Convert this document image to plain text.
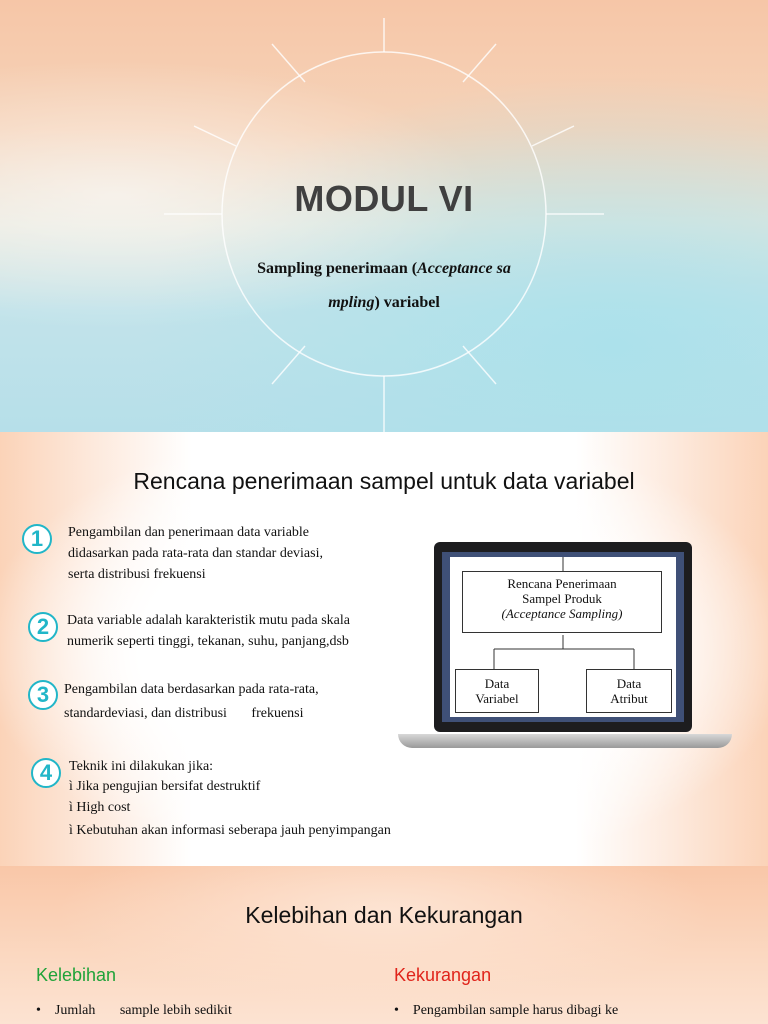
MODUL VI
Sampling penerimaan (Acceptance sa
mpling) variabel
Rencana penerimaan sampel untuk data variabel
1	Pengambilan dan penerimaan data variable
didasarkan pada rata-rata dan standar deviasi,
serta distribusi frekuensi
2	Data variable adalah karakteristik mutu pada skala
numerik seperti tinggi, tekanan, suhu, panjang,dsb
3	Pengambilan data berdasarkan pada rata-rata,
standardeviasi, dan distribusi       frekuensi
4	Teknik ini dilakukan jika:
ì Jika pengujian bersifat destruktif
ì High cost
ì Kebutuhan akan informasi seberapa jauh penyimpangan
Rencana Penerimaan
Sampel Produk
(Acceptance Sampling)
Data
Variabel
Data
Atribut
Kelebihan dan Kekurangan
Kelebihan	Kekurangan
•    Jumlah       sample lebih sedikit	•    Pengambilan sample harus dibagi ke
